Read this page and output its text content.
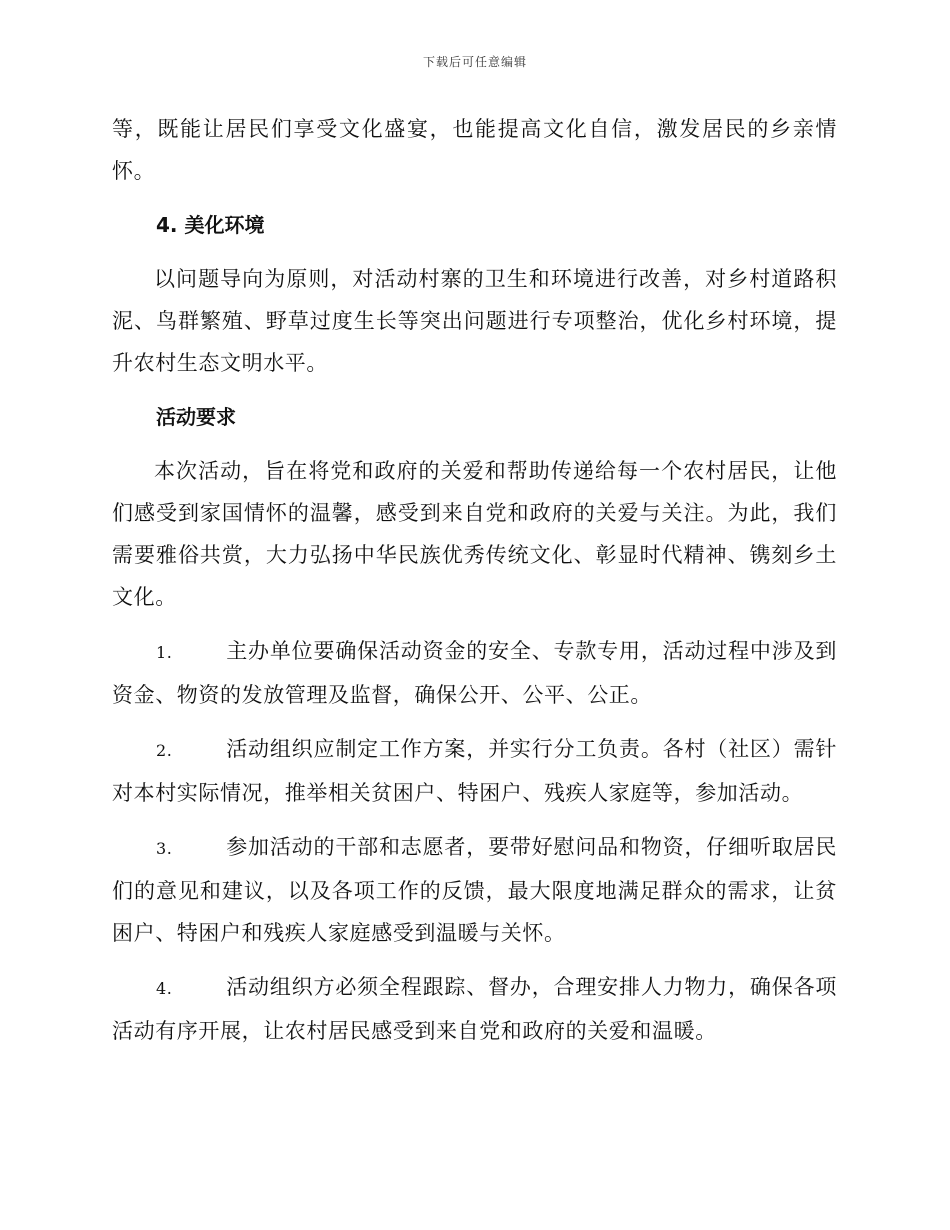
下载后可任意编辑

等，既能让居民们享受文化盛宴，也能提高文化自信，激发居民的乡亲情怀。

4. 美化环境

以问题导向为原则，对活动村寨的卫生和环境进行改善，对乡村道路积泥、鸟群繁殖、野草过度生长等突出问题进行专项整治，优化乡村环境，提升农村生态文明水平。

活动要求

本次活动，旨在将党和政府的关爱和帮助传递给每一个农村居民，让他们感受到家国情怀的温馨，感受到来自党和政府的关爱与关注。为此，我们需要雅俗共赏，大力弘扬中华民族优秀传统文化、彰显时代精神、镌刻乡土文化。

1.	主办单位要确保活动资金的安全、专款专用，活动过程中涉及到资金、物资的发放管理及监督，确保公开、公平、公正。

2.	活动组织应制定工作方案，并实行分工负责。各村（社区）需针对本村实际情况，推举相关贫困户、特困户、残疾人家庭等，参加活动。

3.	参加活动的干部和志愿者，要带好慰问品和物资，仔细听取居民们的意见和建议，以及各项工作的反馈，最大限度地满足群众的需求，让贫困户、特困户和残疾人家庭感受到温暖与关怀。

4.	活动组织方必须全程跟踪、督办，合理安排人力物力，确保各项活动有序开展，让农村居民感受到来自党和政府的关爱和温暖。
